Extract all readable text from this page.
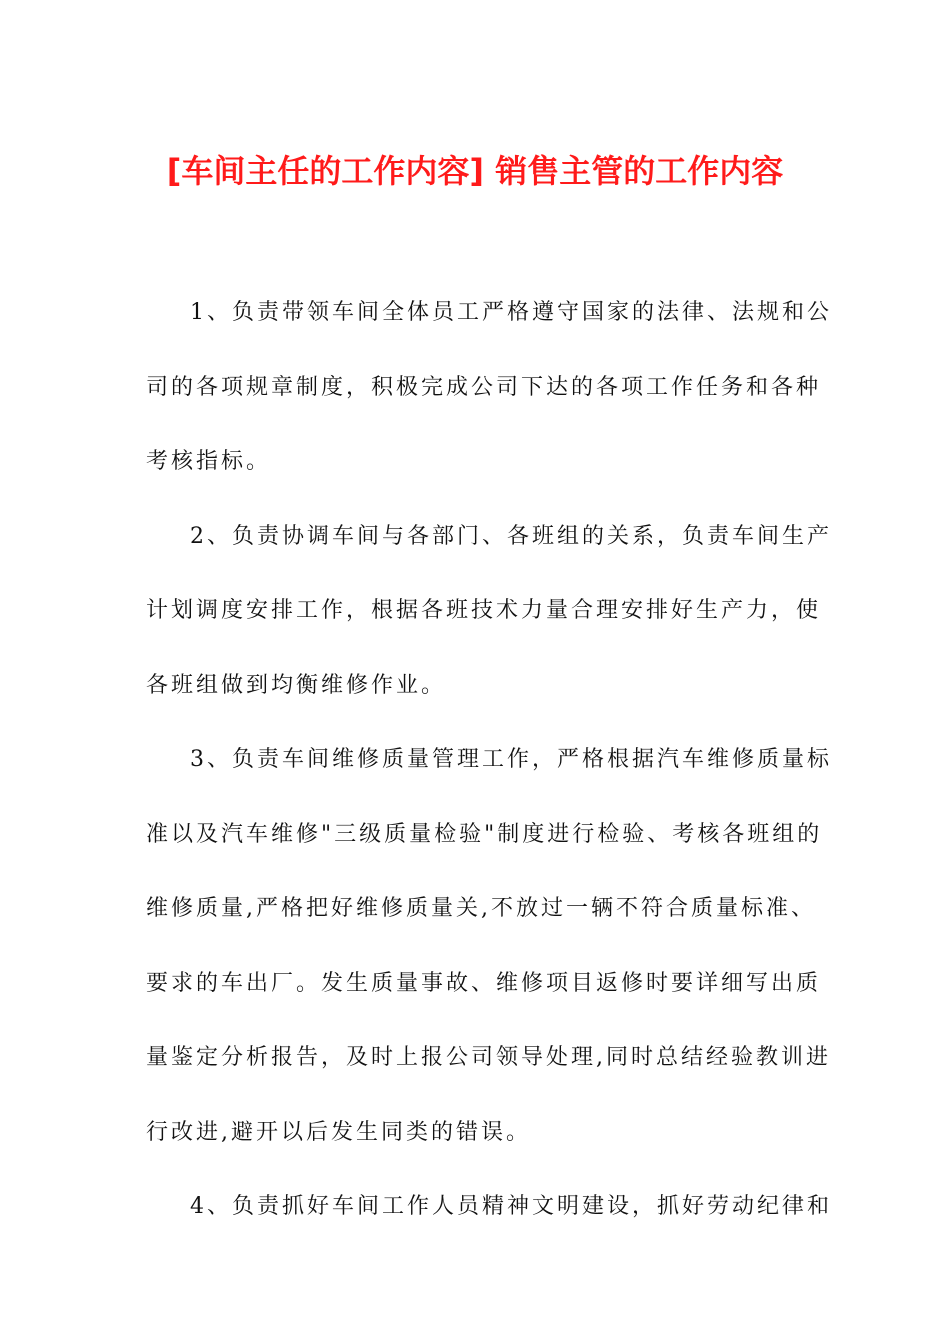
[车间主任的工作内容] 销售主管的工作内容

1、负责带领车间全体员工严格遵守国家的法律、法规和公
司的各项规章制度，积极完成公司下达的各项工作任务和各种
考核指标。

2、负责协调车间与各部门、各班组的关系，负责车间生产
计划调度安排工作，根据各班技术力量合理安排好生产力，使
各班组做到均衡维修作业。

3、负责车间维修质量管理工作，严格根据汽车维修质量标
准以及汽车维修"三级质量检验"制度进行检验、考核各班组的
维修质量,严格把好维修质量关,不放过一辆不符合质量标准、
要求的车出厂。发生质量事故、维修项目返修时要详细写出质
量鉴定分析报告，及时上报公司领导处理,同时总结经验教训进
行改进,避开以后发生同类的错误。

4、负责抓好车间工作人员精神文明建设，抓好劳动纪律和
